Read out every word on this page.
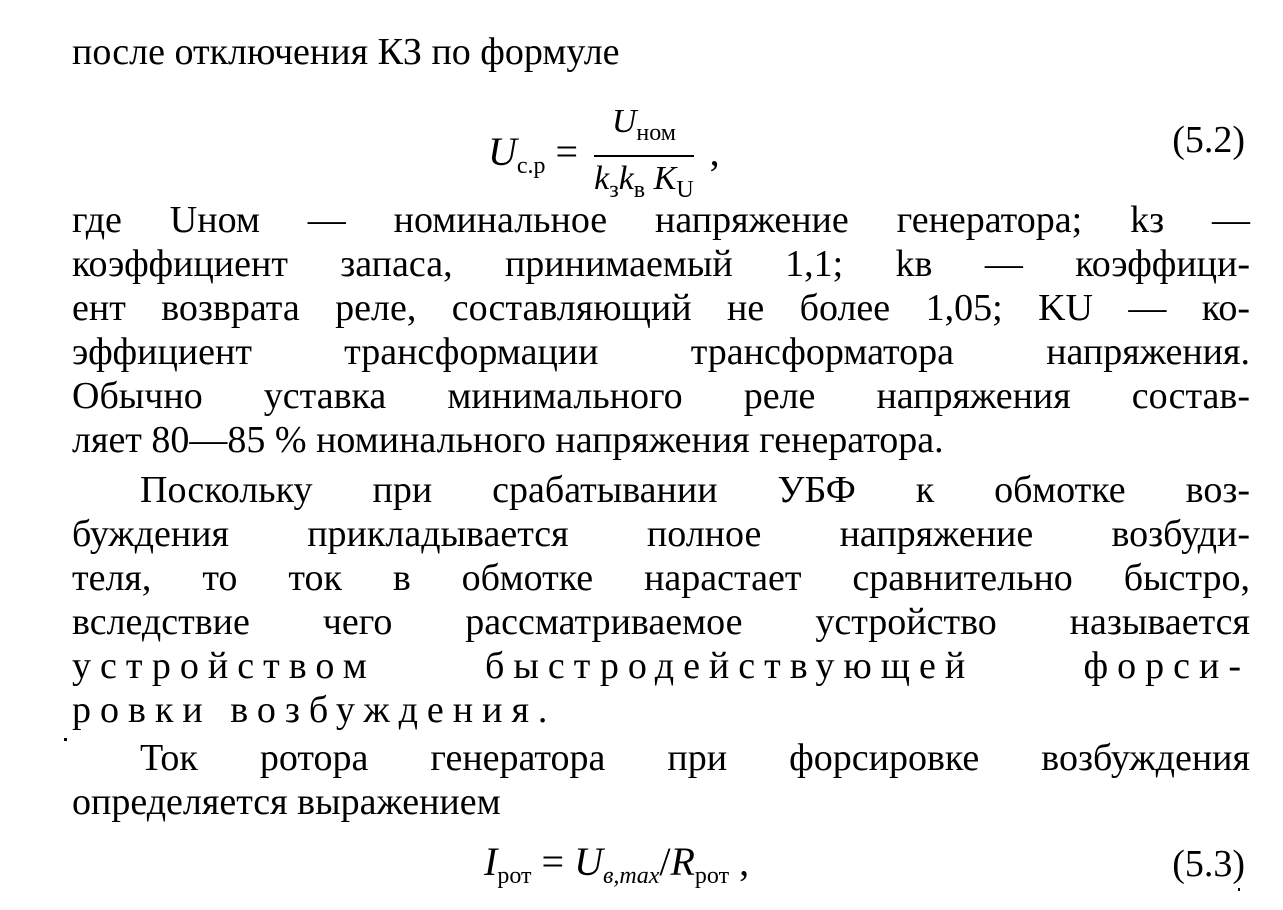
после отключения КЗ по формуле
$U_{с.р} = \frac{U_{ном}}{k_зk_в K_U}$ ,	(5.2)
где Uном — номинальное напряжение генератора; kз —
коэффициент запаса, принимаемый 1,1; kв — коэффици-
ент возврата реле, составляющий не более 1,05; KU — ко-
эффициент трансформации трансформатора напряжения.
Обычно уставка минимального реле напряжения состав-
ляет 80—85 % номинального напряжения генератора.
Поскольку при срабатывании УБФ к обмотке воз-
буждения прикладывается полное напряжение возбуди-
теля, то ток в обмотке нарастает сравнительно быстро,
вследствие чего рассматриваемое устройство называется
устройством быстродействующей форси-
ровки возбуждения.
Ток ротора генератора при форсировке возбуждения
определяется выражением
$I_{рот} = U_{в,max}/R_{рот}$ ,	(5.3)
